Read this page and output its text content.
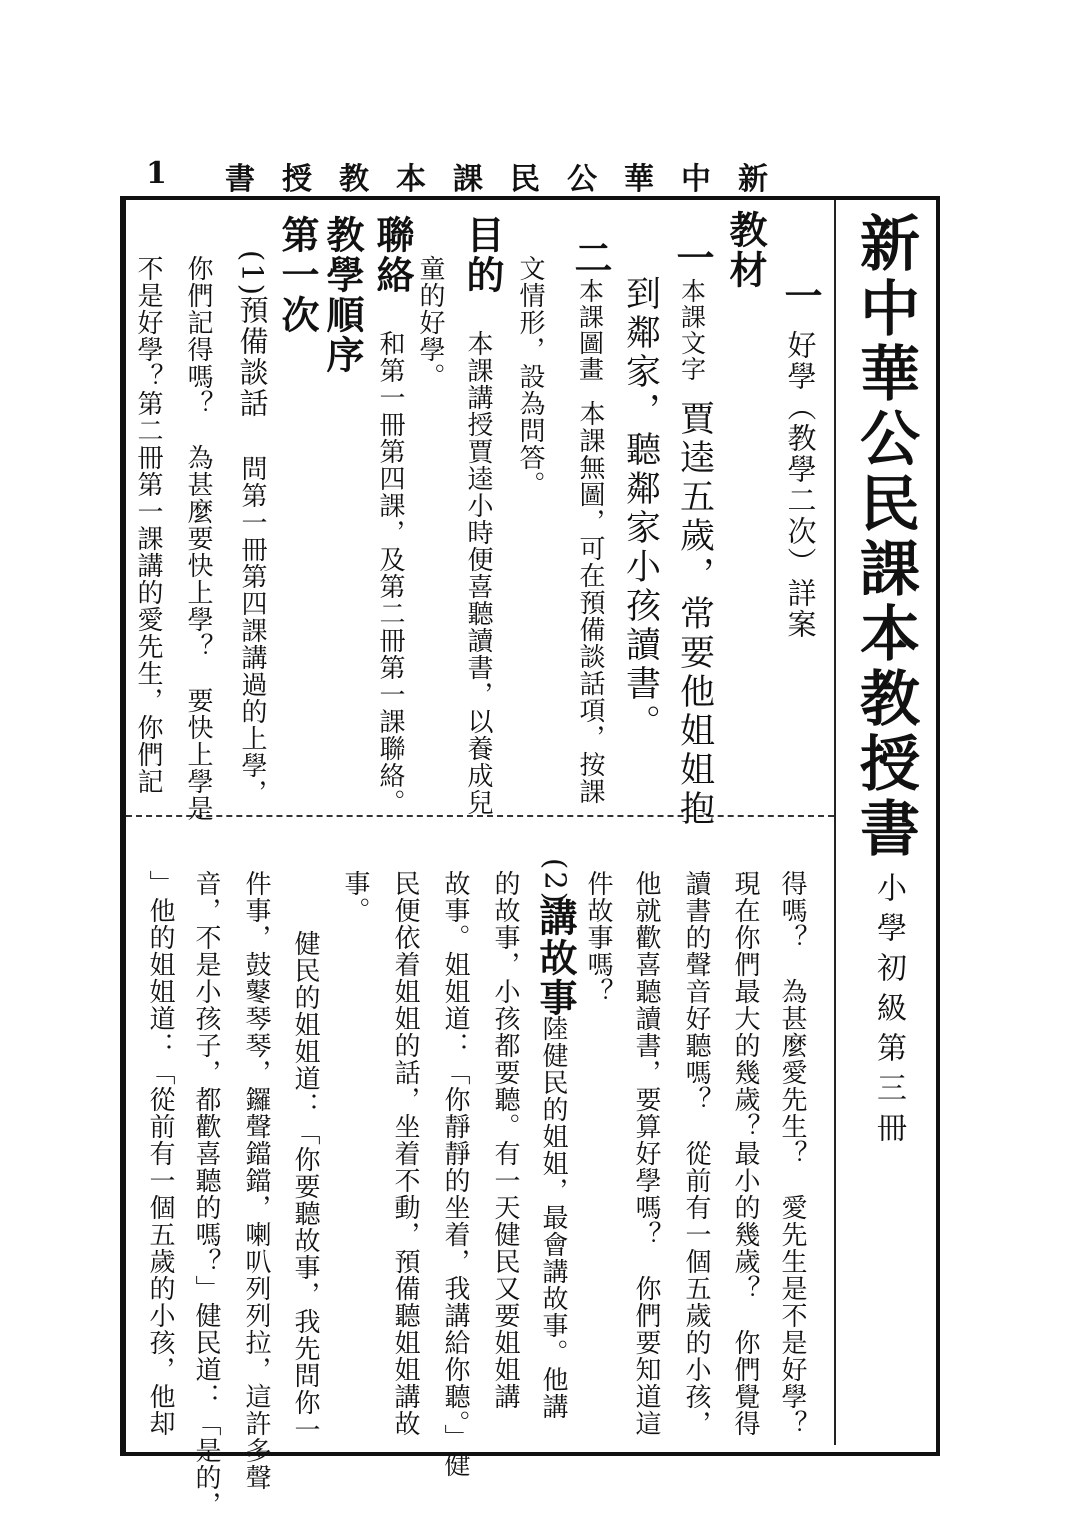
1 新中華公民課本教授書
新中華公民課本教授書
小學初級第三冊
一
好學（教學二次）詳案
教材
一
本課文字
賈逵五歲，常要他姐姐抱
到鄰家，聽鄰家小孩讀書。
二
本課圖畫
本課無圖，可在預備談話項，按課
文情形，設為問答。
目的
本課講授賈逵小時便喜聽讀書，以養成兒
童的好學。
聯絡
和第一冊第四課，及第二冊第一課聯絡。
教學順序
第一次
(1)
預備談話
問第一冊第四課講過的上學，
你們記得嗎？　為甚麼要快上學？　要快上學是
不是好學？第二冊第一課講的愛先生，你們記
得嗎？　為甚麼愛先生？　愛先生是不是好學？
現在你們最大的幾歲？最小的幾歲？　你們覺得
讀書的聲音好聽嗎？　從前有一個五歲的小孩，
他就歡喜聽讀書，要算好學嗎？　你們要知道這
件故事嗎？
(2)
講故事
陸健民的姐姐，最會講故事。他講
的故事，小孩都要聽。有一天健民又要姐姐講
故事。姐姐道：「你靜靜的坐着，我講給你聽。」健
民便依着姐姐的話，坐着不動，預備聽姐姐講故
事。
健民的姐姐道：「你要聽故事，我先問你一
件事，鼓鼕琴琴，鑼聲鐺鐺，喇叭列列拉，這許多聲
音，不是小孩子，都歡喜聽的嗎？」健民道：「是的，
」他的姐姐道：「從前有一個五歲的小孩，他却
